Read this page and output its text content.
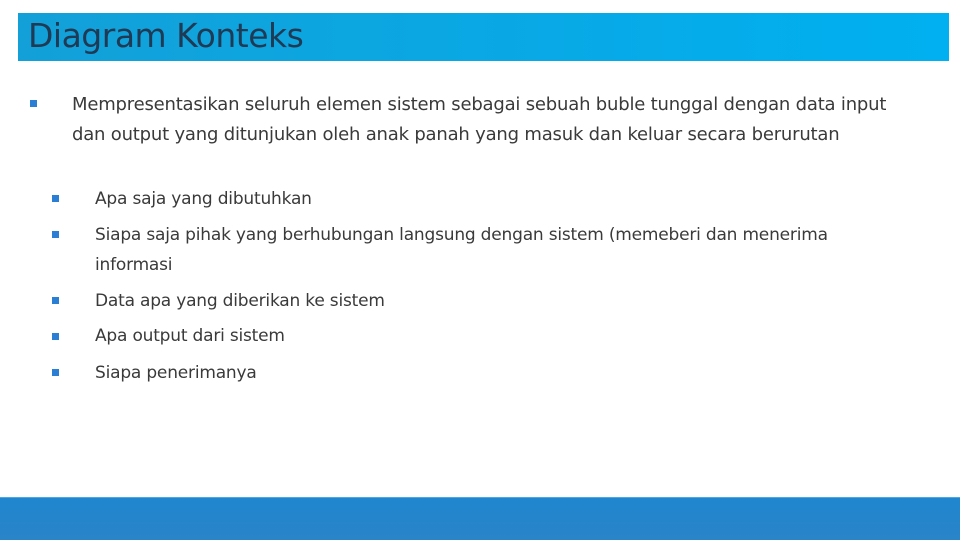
Diagram Konteks
Mempresentasikan seluruh elemen sistem sebagai sebuah buble tunggal dengan data input dan output yang ditunjukan oleh anak panah yang masuk dan keluar secara berurutan
Apa saja yang dibutuhkan
Siapa saja pihak yang berhubungan langsung dengan sistem (memeberi dan menerima informasi
Data apa yang diberikan ke sistem
Apa output dari sistem
Siapa penerimanya
